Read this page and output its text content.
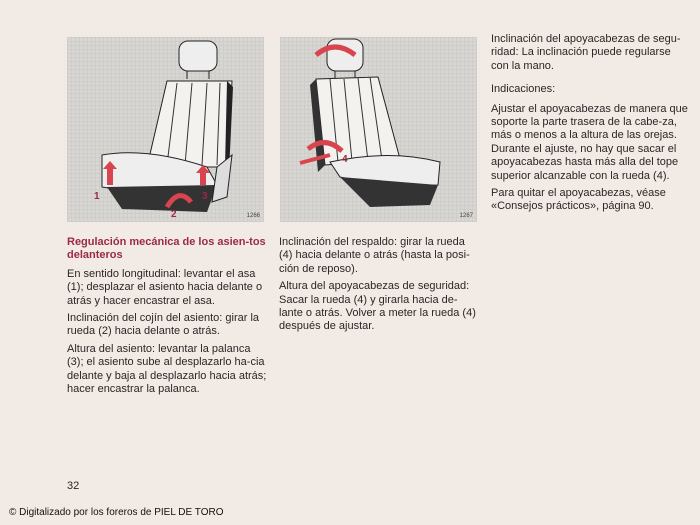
1
2
3
1266
4
1267

Regulación mecánica de los asien-tos delanteros

En sentido longitudinal: levantar el asa (1); desplazar el asiento hacia delante o atrás y hacer encastrar el asa.

Inclinación del cojín del asiento: girar la rueda (2) hacia delante o atrás.

Altura del asiento: levantar la palanca (3); el asiento sube al desplazarlo ha-cia delante y baja al desplazarlo hacia atrás; hacer encastrar la palanca.

Inclinación del respaldo: girar la rueda (4) hacia delante o atrás (hasta la posi-ción de reposo).

Altura del apoyacabezas de seguridad: Sacar la rueda (4) y girarla hacia de-lante o atrás. Volver a meter la rueda (4) después de ajustar.

Inclinación del apoyacabezas de segu-ridad: La inclinación puede regularse con la mano.

Indicaciones:

Ajustar el apoyacabezas de manera que soporte la parte trasera de la cabe-za, más o menos a la altura de las orejas. Durante el ajuste, no hay que sacar el apoyacabezas hasta más alla del tope superior alcanzable con la rueda (4).

Para quitar el apoyacabezas, véase «Consejos prácticos», página 90.

32
© Digitalizado por los foreros de PIEL DE TORO
